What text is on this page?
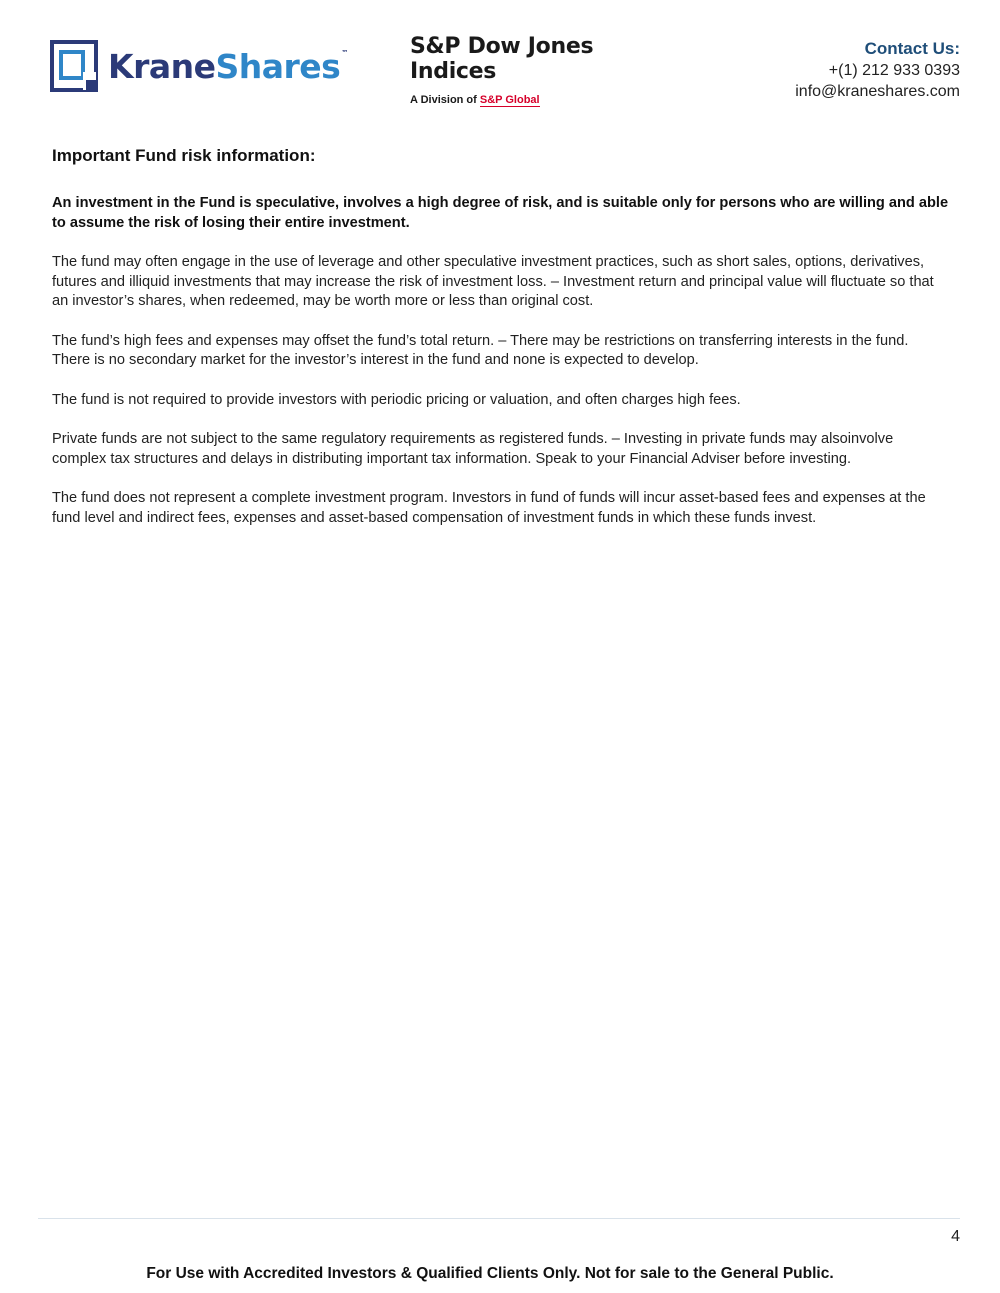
KraneShares™	S&P Dow Jones
Indices
A Division of S&P Global
Contact Us:
+(1) 212 933 0393
info@kraneshares.com
Important Fund risk information:

An investment in the Fund is speculative, involves a high degree of risk, and is suitable only for persons who are willing and able to assume the risk of losing their entire investment.

The fund may often engage in the use of leverage and other speculative investment practices, such as short sales, options, derivatives, futures and illiquid investments that may increase the risk of investment loss. – Investment return and principal value will fluctuate so that an investor’s shares, when redeemed, may be worth more or less than original cost.

The fund’s high fees and expenses may offset the fund’s total return. – There may be restrictions on transferring interests in the fund. There is no secondary market for the investor’s interest in the fund and none is expected to develop.

The fund is not required to provide investors with periodic pricing or valuation, and often charges high fees.

Private funds are not subject to the same regulatory requirements as registered funds. – Investing in private funds may alsoinvolve complex tax structures and delays in distributing important tax information. Speak to your Financial Adviser before investing.

The fund does not represent a complete investment program. Investors in fund of funds will incur asset-based fees and expenses at the fund level and indirect fees, expenses and asset-based compensation of investment funds in which these funds invest.

4
For Use with Accredited Investors & Qualified Clients Only. Not for sale to the General Public.
